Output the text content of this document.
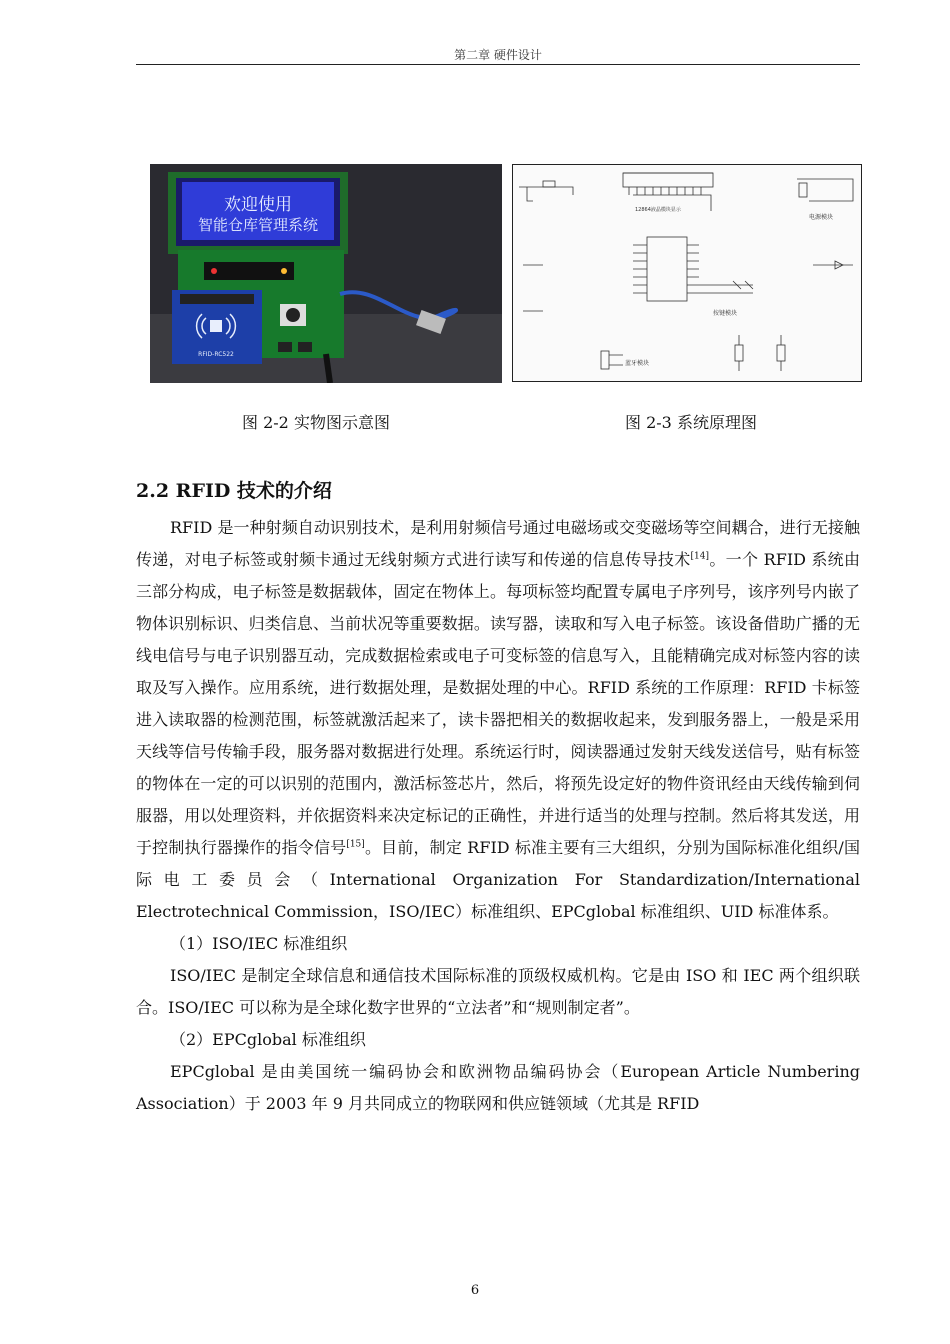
第二章 硬件设计
欢迎使用
智能仓库管理系统
RFID-RC522
12864液晶模块显示
电源模块
按键模块
蓝牙模块
图 2-2 实物图示意图	图 2-3 系统原理图
2.2 RFID 技术的介绍

RFID 是一种射频自动识别技术，是利用射频信号通过电磁场或交变磁场等空间耦合，进行无接触传递，对电子标签或射频卡通过无线射频方式进行读写和传递的信息传导技术[14]。一个 RFID 系统由三部分构成，电子标签是数据载体，固定在物体上。每项标签均配置专属电子序列号，该序列号内嵌了物体识别标识、归类信息、当前状况等重要数据。读写器，读取和写入电子标签。该设备借助广播的无线电信号与电子识别器互动，完成数据检索或电子可变标签的信息写入，且能精确完成对标签内容的读取及写入操作。应用系统，进行数据处理，是数据处理的中心。RFID 系统的工作原理：RFID 卡标签进入读取器的检测范围，标签就激活起来了，读卡器把相关的数据收起来，发到服务器上，一般是采用天线等信号传输手段，服务器对数据进行处理。系统运行时，阅读器通过发射天线发送信号，贴有标签的物体在一定的可以识别的范围内，激活标签芯片，然后，将预先设定好的物件资讯经由天线传输到伺服器，用以处理资料，并依据资料来决定标记的正确性，并进行适当的处理与控制。然后将其发送，用于控制执行器操作的指令信号[15]。目前，制定 RFID 标准主要有三大组织，分别为国际标准化组织/国际电工委员会（International Organization For Standardization/International Electrotechnical Commission，ISO/IEC）标准组织、EPCglobal 标准组织、UID 标准体系。

（1）ISO/IEC 标准组织

ISO/IEC 是制定全球信息和通信技术国际标准的顶级权威机构。它是由 ISO 和 IEC 两个组织联合。ISO/IEC 可以称为是全球化数字世界的“立法者”和“规则制定者”。

（2）EPCglobal 标准组织

EPCglobal 是由美国统一编码协会和欧洲物品编码协会（European Article Numbering Association）于 2003 年 9 月共同成立的物联网和供应链领域（尤其是 RFID

6
